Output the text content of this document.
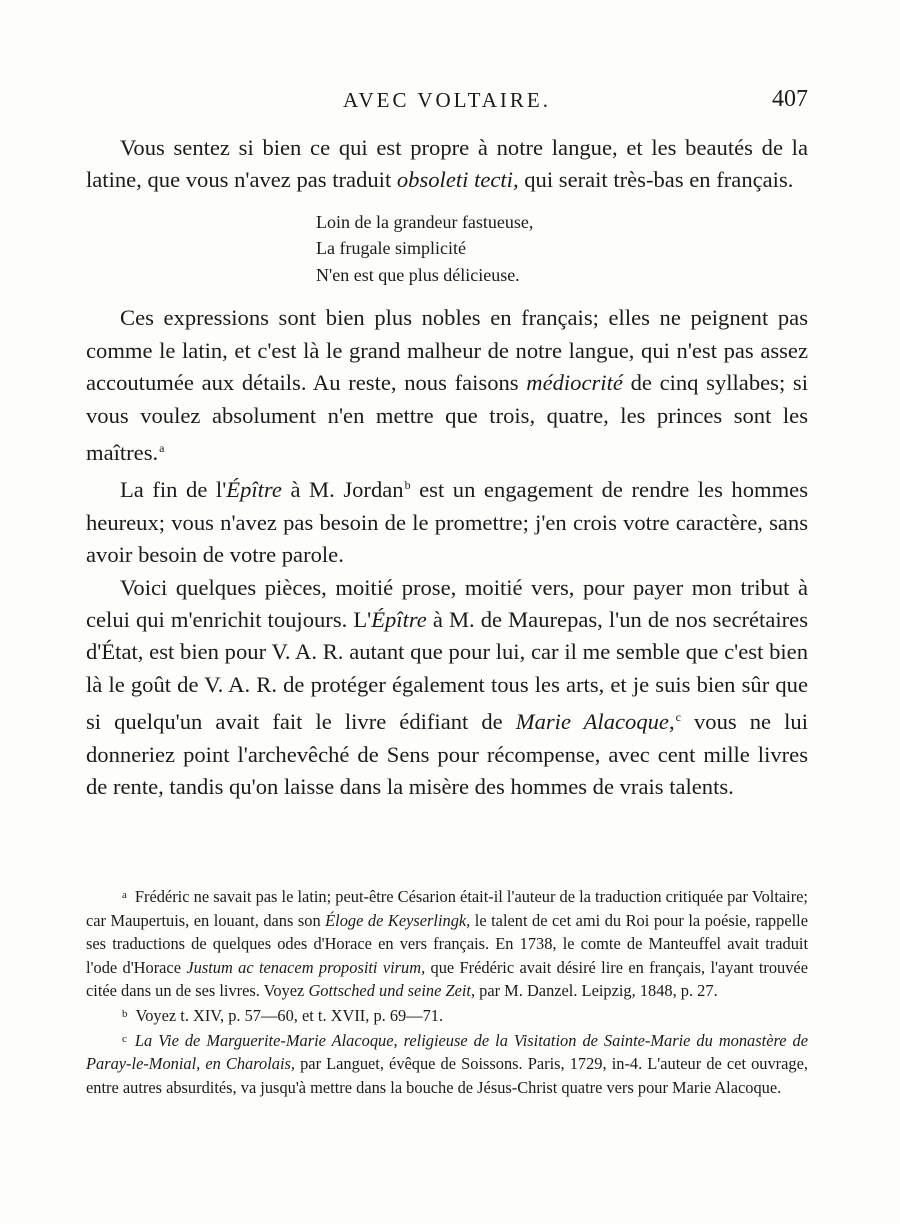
AVEC VOLTAIRE.	407

Vous sentez si bien ce qui est propre à notre langue, et les beautés de la latine, que vous n'avez pas traduit obsoleti tecti, qui serait très-bas en français.

Loin de la grandeur fastueuse,
La frugale simplicité
N'en est que plus délicieuse.

Ces expressions sont bien plus nobles en français; elles ne peignent pas comme le latin, et c'est là le grand malheur de notre langue, qui n'est pas assez accoutumée aux détails. Au reste, nous faisons médiocrité de cinq syllabes; si vous voulez absolument n'en mettre que trois, quatre, les princes sont les maîtres.$^a$

La fin de l'Épître à M. Jordan$^b$ est un engagement de rendre les hommes heureux; vous n'avez pas besoin de le promettre; j'en crois votre caractère, sans avoir besoin de votre parole.

Voici quelques pièces, moitié prose, moitié vers, pour payer mon tribut à celui qui m'enrichit toujours. L'Épître à M. de Maurepas, l'un de nos secrétaires d'État, est bien pour V. A. R. autant que pour lui, car il me semble que c'est bien là le goût de V. A. R. de protéger également tous les arts, et je suis bien sûr que si quelqu'un avait fait le livre édifiant de Marie Alacoque,$^c$ vous ne lui donneriez point l'archevêché de Sens pour récompense, avec cent mille livres de rente, tandis qu'on laisse dans la misère des hommes de vrais talents.

$^a$ Frédéric ne savait pas le latin; peut-être Césarion était-il l'auteur de la traduction critiquée par Voltaire; car Maupertuis, en louant, dans son Éloge de Keyserlingk, le talent de cet ami du Roi pour la poésie, rappelle ses traductions de quelques odes d'Horace en vers français. En 1738, le comte de Manteuffel avait traduit l'ode d'Horace Justum ac tenacem propositi virum, que Frédéric avait désiré lire en français, l'ayant trouvée citée dans un de ses livres. Voyez Gottsched und seine Zeit, par M. Danzel. Leipzig, 1848, p. 27.

$^b$ Voyez t. XIV, p. 57—60, et t. XVII, p. 69—71.

$^c$ La Vie de Marguerite-Marie Alacoque, religieuse de la Visitation de Sainte-Marie du monastère de Paray-le-Monial, en Charolais, par Languet, évêque de Soissons. Paris, 1729, in-4. L'auteur de cet ouvrage, entre autres absurdités, va jusqu'à mettre dans la bouche de Jésus-Christ quatre vers pour Marie Alacoque.
